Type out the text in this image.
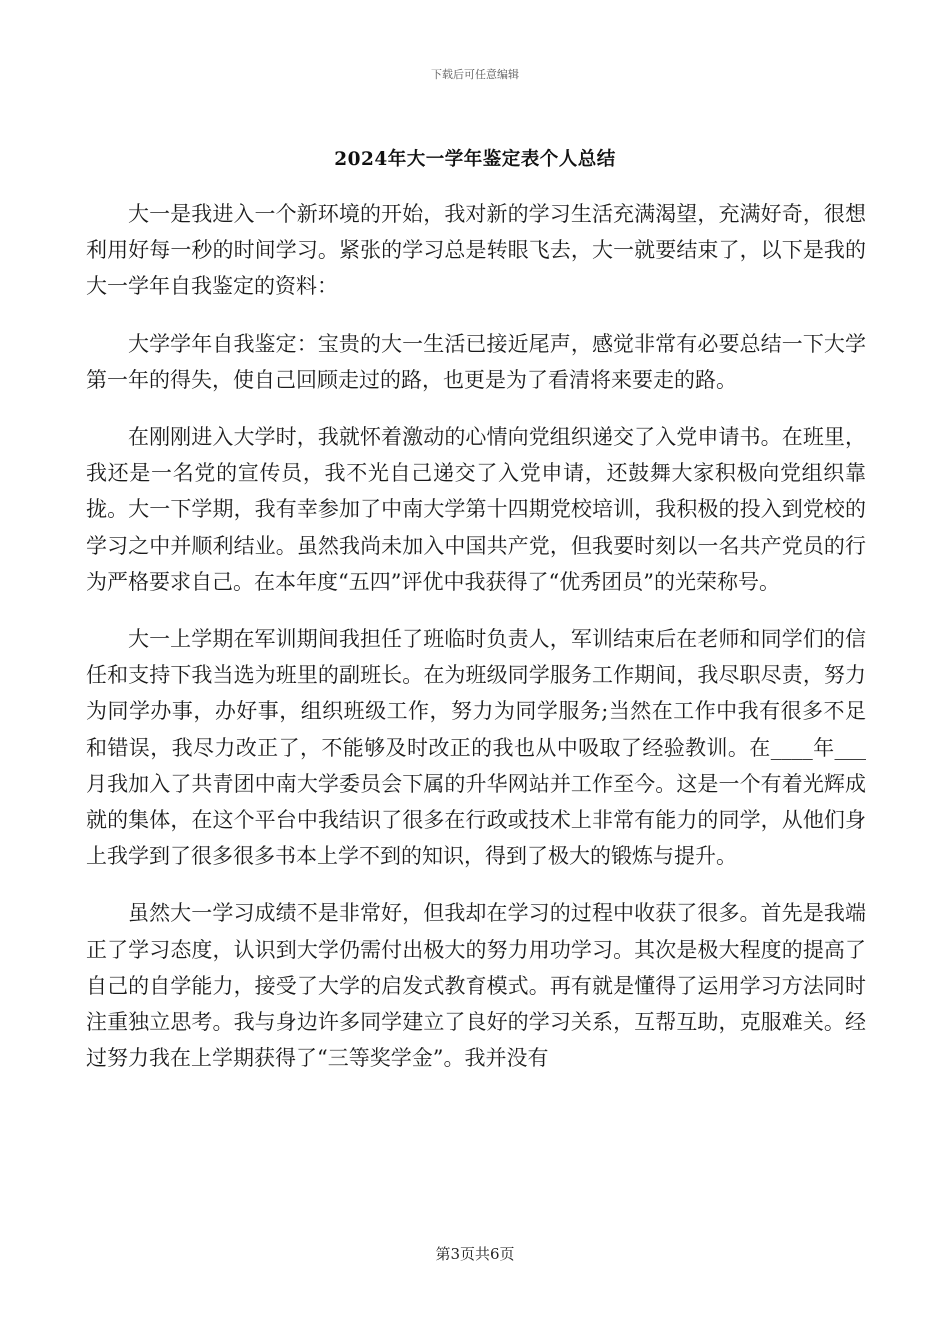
下载后可任意编辑
2024年大一学年鉴定表个人总结

大一是我进入一个新环境的开始，我对新的学习生活充满渴望，充满好奇，很想利用好每一秒的时间学习。紧张的学习总是转眼飞去，大一就要结束了，以下是我的大一学年自我鉴定的资料：

大学学年自我鉴定：宝贵的大一生活已接近尾声，感觉非常有必要总结一下大学第一年的得失，使自己回顾走过的路，也更是为了看清将来要走的路。

在刚刚进入大学时，我就怀着激动的心情向党组织递交了入党申请书。在班里，我还是一名党的宣传员，我不光自己递交了入党申请，还鼓舞大家积极向党组织靠拢。大一下学期，我有幸参加了中南大学第十四期党校培训，我积极的投入到党校的学习之中并顺利结业。虽然我尚未加入中国共产党，但我要时刻以一名共产党员的行为严格要求自己。在本年度“五四”评优中我获得了“优秀团员”的光荣称号。

大一上学期在军训期间我担任了班临时负责人，军训结束后在老师和同学们的信任和支持下我当选为班里的副班长。在为班级同学服务工作期间，我尽职尽责，努力为同学办事，办好事，组织班级工作，努力为同学服务;当然在工作中我有很多不足和错误，我尽力改正了，不能够及时改正的我也从中吸取了经验教训。在____年___月我加入了共青团中南大学委员会下属的升华网站并工作至今。这是一个有着光辉成就的集体，在这个平台中我结识了很多在行政或技术上非常有能力的同学，从他们身上我学到了很多很多书本上学不到的知识，得到了极大的锻炼与提升。

虽然大一学习成绩不是非常好，但我却在学习的过程中收获了很多。首先是我端正了学习态度，认识到大学仍需付出极大的努力用功学习。其次是极大程度的提高了自己的自学能力，接受了大学的启发式教育模式。再有就是懂得了运用学习方法同时注重独立思考。我与身边许多同学建立了良好的学习关系，互帮互助，克服难关。经过努力我在上学期获得了“三等奖学金”。我并没有

第3页共6页
